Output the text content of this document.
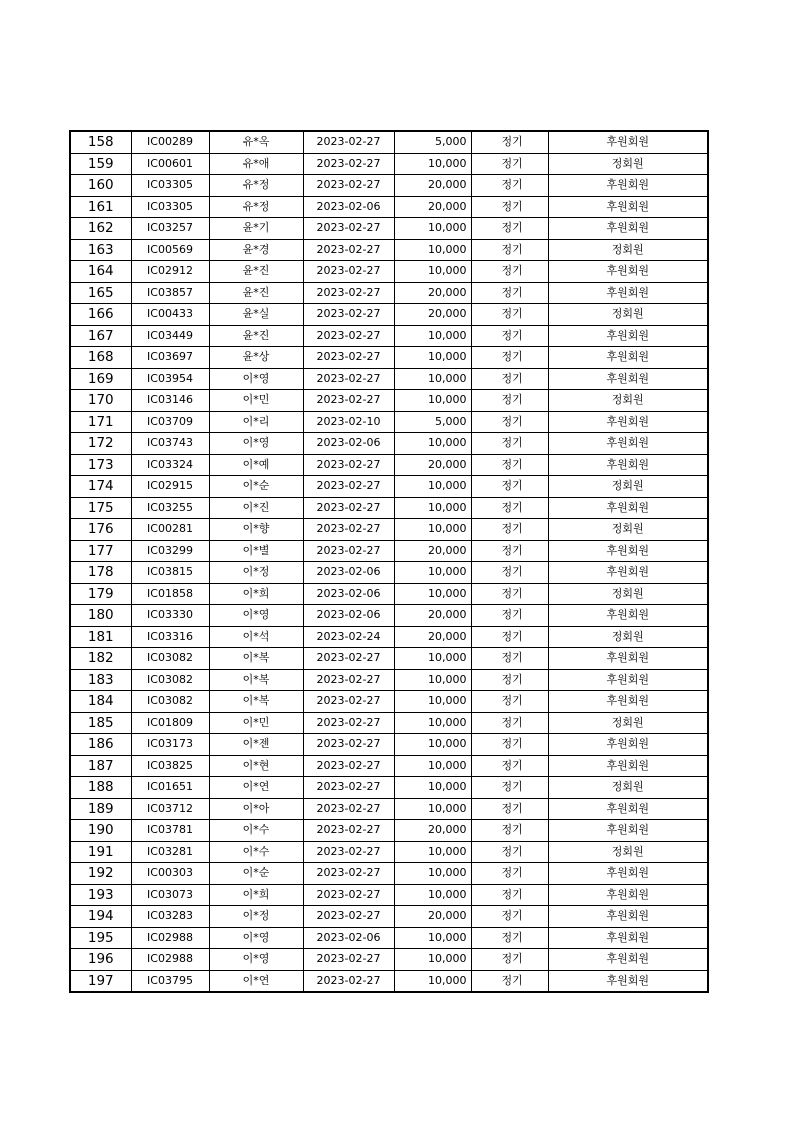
158	IC00289	유*옥	2023-02-27	5,000	정기	후원회원
159	IC00601	유*애	2023-02-27	10,000	정기	정회원
160	IC03305	유*정	2023-02-27	20,000	정기	후원회원
161	IC03305	유*정	2023-02-06	20,000	정기	후원회원
162	IC03257	윤*기	2023-02-27	10,000	정기	후원회원
163	IC00569	윤*경	2023-02-27	10,000	정기	정회원
164	IC02912	윤*진	2023-02-27	10,000	정기	후원회원
165	IC03857	윤*진	2023-02-27	20,000	정기	후원회원
166	IC00433	윤*실	2023-02-27	20,000	정기	정회원
167	IC03449	윤*진	2023-02-27	10,000	정기	후원회원
168	IC03697	윤*상	2023-02-27	10,000	정기	후원회원
169	IC03954	이*영	2023-02-27	10,000	정기	후원회원
170	IC03146	이*민	2023-02-27	10,000	정기	정회원
171	IC03709	이*리	2023-02-10	5,000	정기	후원회원
172	IC03743	이*영	2023-02-06	10,000	정기	후원회원
173	IC03324	이*예	2023-02-27	20,000	정기	후원회원
174	IC02915	이*순	2023-02-27	10,000	정기	정회원
175	IC03255	이*진	2023-02-27	10,000	정기	후원회원
176	IC00281	이*향	2023-02-27	10,000	정기	정회원
177	IC03299	이*별	2023-02-27	20,000	정기	후원회원
178	IC03815	이*정	2023-02-06	10,000	정기	후원회원
179	IC01858	이*희	2023-02-06	10,000	정기	정회원
180	IC03330	이*영	2023-02-06	20,000	정기	후원회원
181	IC03316	이*석	2023-02-24	20,000	정기	정회원
182	IC03082	이*복	2023-02-27	10,000	정기	후원회원
183	IC03082	이*복	2023-02-27	10,000	정기	후원회원
184	IC03082	이*복	2023-02-27	10,000	정기	후원회원
185	IC01809	이*민	2023-02-27	10,000	정기	정회원
186	IC03173	이*젠	2023-02-27	10,000	정기	후원회원
187	IC03825	이*현	2023-02-27	10,000	정기	후원회원
188	IC01651	이*연	2023-02-27	10,000	정기	정회원
189	IC03712	이*아	2023-02-27	10,000	정기	후원회원
190	IC03781	이*수	2023-02-27	20,000	정기	후원회원
191	IC03281	이*수	2023-02-27	10,000	정기	정회원
192	IC00303	이*순	2023-02-27	10,000	정기	후원회원
193	IC03073	이*희	2023-02-27	10,000	정기	후원회원
194	IC03283	이*정	2023-02-27	20,000	정기	후원회원
195	IC02988	이*영	2023-02-06	10,000	정기	후원회원
196	IC02988	이*영	2023-02-27	10,000	정기	후원회원
197	IC03795	이*연	2023-02-27	10,000	정기	후원회원
